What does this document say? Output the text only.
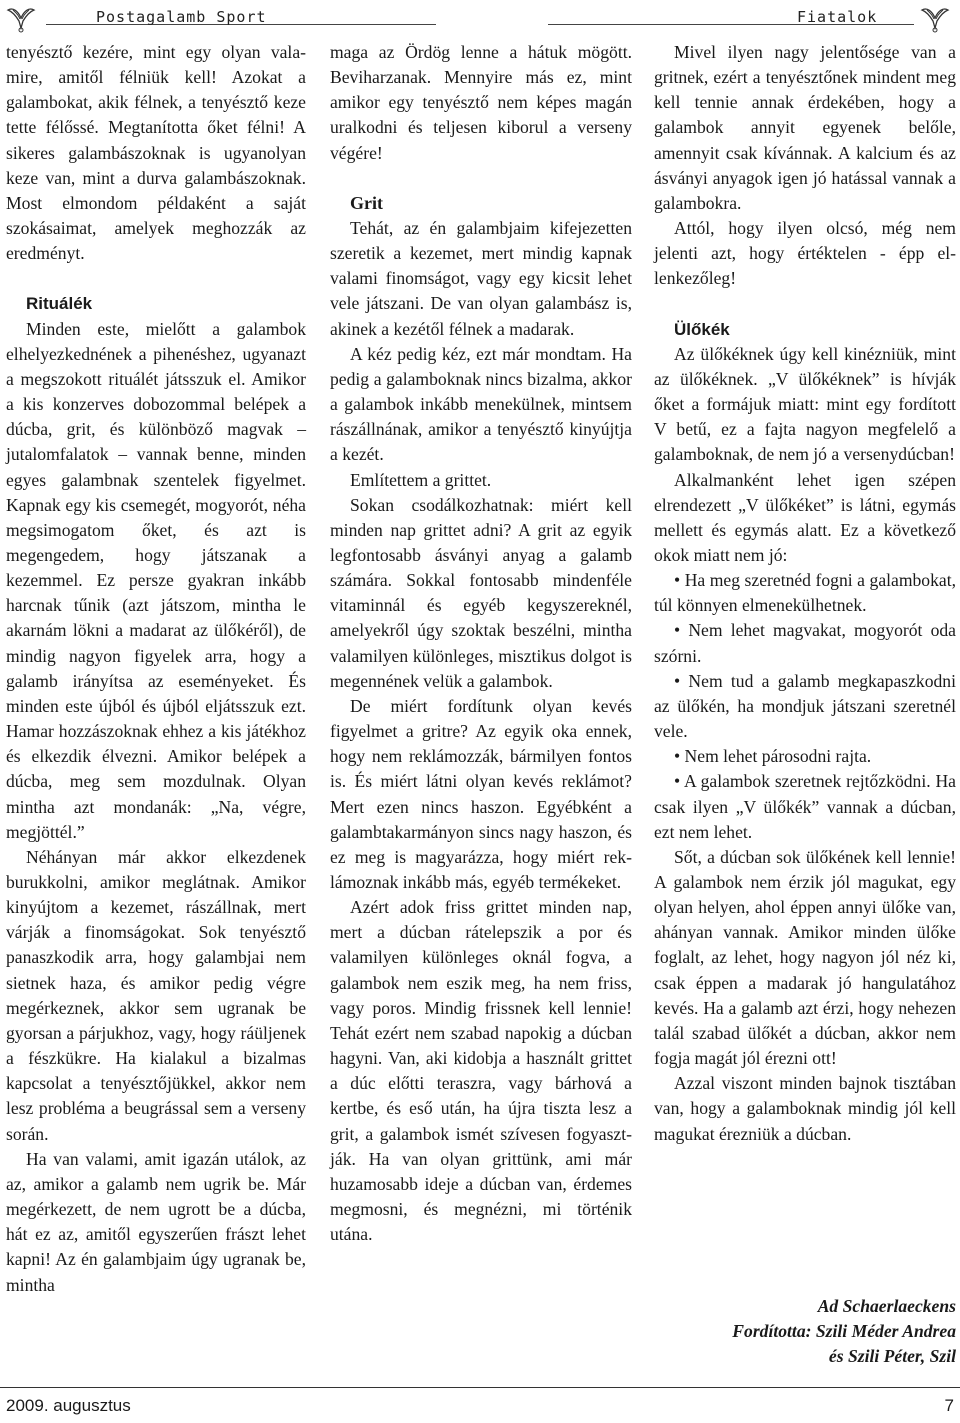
Postagalamb Sport	Fiatalok

tenyésztő kezére, mint egy olyan valamire, amitől félniük kell! Azokat a galambokat, akik félnek, a tenyésztő keze tette félőssé. Megtanította őket félni! A sikeres galambászoknak is ugyanolyan keze van, mint a durva galambászoknak. Most elmondom példaként a saját szokásaimat, amelyek meghozzák az eredményt.

Rituálék

Minden este, mielőtt a galambok elhelyezkednének a pihenéshez, ugyanazt a megszokott rituálét játsszuk el. Amikor a kis konzerves dobozommal belépek a dúcba, grit, és különböző magvak – jutalomfalatok – vannak benne, minden egyes galambnak szentelek figyelmet. Kapnak egy kis csemegét, mogyorót, néha megsimogatom őket, és azt is megengedem, hogy játszanak a kezemmel. Ez persze gyakran inkább harcnak tűnik (azt játszom, mintha le akarnám lökni a madarat az ülőkéről), de mindig nagyon figyelek arra, hogy a galamb irányítsa az eseményeket. És minden este újból és újból eljátsszuk ezt. Hamar hozzászoknak ehhez a kis játékhoz és elkezdik élvezni. Amikor belépek a dúcba, meg sem mozdulnak. Olyan mintha azt mondanák: „Na, végre, megjöttél.”

Néhányan már akkor elkezdenek burukkolni, amikor meglátnak. Amikor kinyújtom a kezemet, rászállnak, mert várják a finomságokat. Sok tenyésztő panaszkodik arra, hogy galambjai nem sietnek haza, és amikor pedig végre megérkeznek, akkor sem ugranak be gyorsan a párjukhoz, vagy, hogy ráüljenek a fészkükre. Ha kialakul a bizalmas kapcsolat a tenyésztőjükkel, akkor nem lesz probléma a beugrással sem a verseny során.

Ha van valami, amit igazán utálok, az az, amikor a galamb nem ugrik be. Már megérkezett, de nem ugrott be a dúcba, hát ez az, amitől egyszerűen frászt lehet kapni! Az én galambjaim úgy ugranak be, mintha

maga az Ördög lenne a hátuk mögött. Beviharzanak. Mennyire más ez, mint amikor egy tenyésztő nem képes magán uralkodni és teljesen kiborul a verseny végére!

Grit

Tehát, az én galambjaim kifejezetten szeretik a kezemet, mert mindig kapnak valami finomságot, vagy egy kicsit lehet vele játszani. De van olyan galambász is, akinek a kezétől félnek a madarak.

A kéz pedig kéz, ezt már mondtam. Ha pedig a galamboknak nincs bizalma, akkor a galambok inkább menekülnek, mintsem rászállnának, amikor a tenyésztő kinyújtja a kezét.

Említettem a grittet.

Sokan csodálkozhatnak: miért kell minden nap grittet adni? A grit az egyik legfontosabb ásványi anyag a galamb számára. Sokkal fontosabb mindenféle vitaminnál és egyéb kegyszereknél, amelyekről úgy szoktak beszélni, mintha valamilyen különleges, misztikus dolgot is megennének velük a galambok.

De miért fordítunk olyan kevés figyelmet a gritre? Az egyik oka ennek, hogy nem reklámozzák, bármilyen fontos is. És miért látni olyan kevés reklámot? Mert ezen nincs haszon. Egyébként a galambtakarmányon sincs nagy haszon, és ez meg is magyarázza, hogy miért reklámoznak inkább más, egyéb termékeket.

Azért adok friss grittet minden nap, mert a dúcban rátelepszik a por és valamilyen különleges oknál fogva, a galambok nem eszik meg, ha nem friss, vagy poros. Mindig frissnek kell lennie! Tehát ezért nem szabad napokig a dúcban hagyni. Van, aki kidobja a használt grittet a dúc előtti teraszra, vagy bárhová a kertbe, és eső után, ha újra tiszta lesz a grit, a galambok ismét szívesen fogyasztják. Ha van olyan grittünk, ami már huzamosabb ideje a dúcban van, érdemes megmosni, és megnézni, mi történik utána.

Mivel ilyen nagy jelentősége van a gritnek, ezért a tenyésztőnek mindent meg kell tennie annak érdekében, hogy a galambok annyit egyenek belőle, amennyit csak kívánnak. A kalcium és az ásványi anyagok igen jó hatással vannak a galambokra.

Attól, hogy ilyen olcsó, még nem jelenti azt, hogy értéktelen - épp ellenkezőleg!

Ülőkék

Az ülőkéknek úgy kell kinézniük, mint az ülőkéknek. „V ülőkéknek” is hívják őket a formájuk miatt: mint egy fordított V betű, ez a fajta nagyon megfelelő a galamboknak, de nem jó a versenydúcban!

Alkalmanként lehet igen szépen elrendezett „V ülőkéket” is látni, egymás mellett és egymás alatt. Ez a következő okok miatt nem jó:

• Ha meg szeretnéd fogni a galambokat, túl könnyen elmenekülhetnek.

• Nem lehet magvakat, mogyorót oda szórni.

• Nem tud a galamb megkapaszkodni az ülőkén, ha mondjuk játszani szeretnél vele.

• Nem lehet párosodni rajta.

• A galambok szeretnek rejtőzködni. Ha csak ilyen „V ülőkék” vannak a dúcban, ezt nem lehet.

Sőt, a dúcban sok ülőkének kell lennie! A galambok nem érzik jól magukat, egy olyan helyen, ahol éppen annyi ülőke van, ahányan vannak. Amikor minden ülőke foglalt, az lehet, hogy nagyon jól néz ki, csak éppen a madarak jó hangulatához kevés. Ha a galamb azt érzi, hogy nehezen talál szabad ülőkét a dúcban, akkor nem fogja magát jól érezni ott!

Azzal viszont minden bajnok tisztában van, hogy a galamboknak mindig jól kell magukat érezniük a dúcban.

Ad Schaerlaeckens
Fordította: Szili Méder Andrea
és Szili Péter, Szil
2009. augusztus	7
